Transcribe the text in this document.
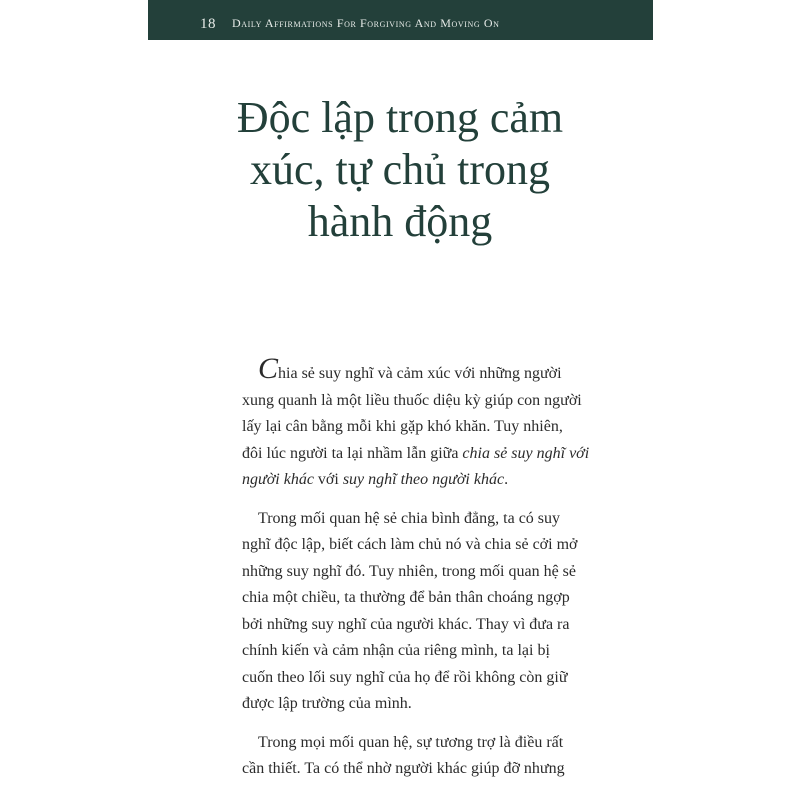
18 Daily Affirmations For Forgiving And Moving On
Độc lập trong cảm
xúc, tự chủ trong
hành động

Chia sẻ suy nghĩ và cảm xúc với những người
xung quanh là một liều thuốc diệu kỳ giúp con người
lấy lại cân bằng mỗi khi gặp khó khăn. Tuy nhiên,
đôi lúc người ta lại nhầm lẫn giữa chia sẻ suy nghĩ với
người khác với suy nghĩ theo người khác.

Trong mối quan hệ sẻ chia bình đẳng, ta có suy
nghĩ độc lập, biết cách làm chủ nó và chia sẻ cởi mở
những suy nghĩ đó. Tuy nhiên, trong mối quan hệ sẻ
chia một chiều, ta thường để bản thân choáng ngợp
bởi những suy nghĩ của người khác. Thay vì đưa ra
chính kiến và cảm nhận của riêng mình, ta lại bị
cuốn theo lối suy nghĩ của họ để rồi không còn giữ
được lập trường của mình.

Trong mọi mối quan hệ, sự tương trợ là điều rất
cần thiết. Ta có thể nhờ người khác giúp đỡ nhưng
